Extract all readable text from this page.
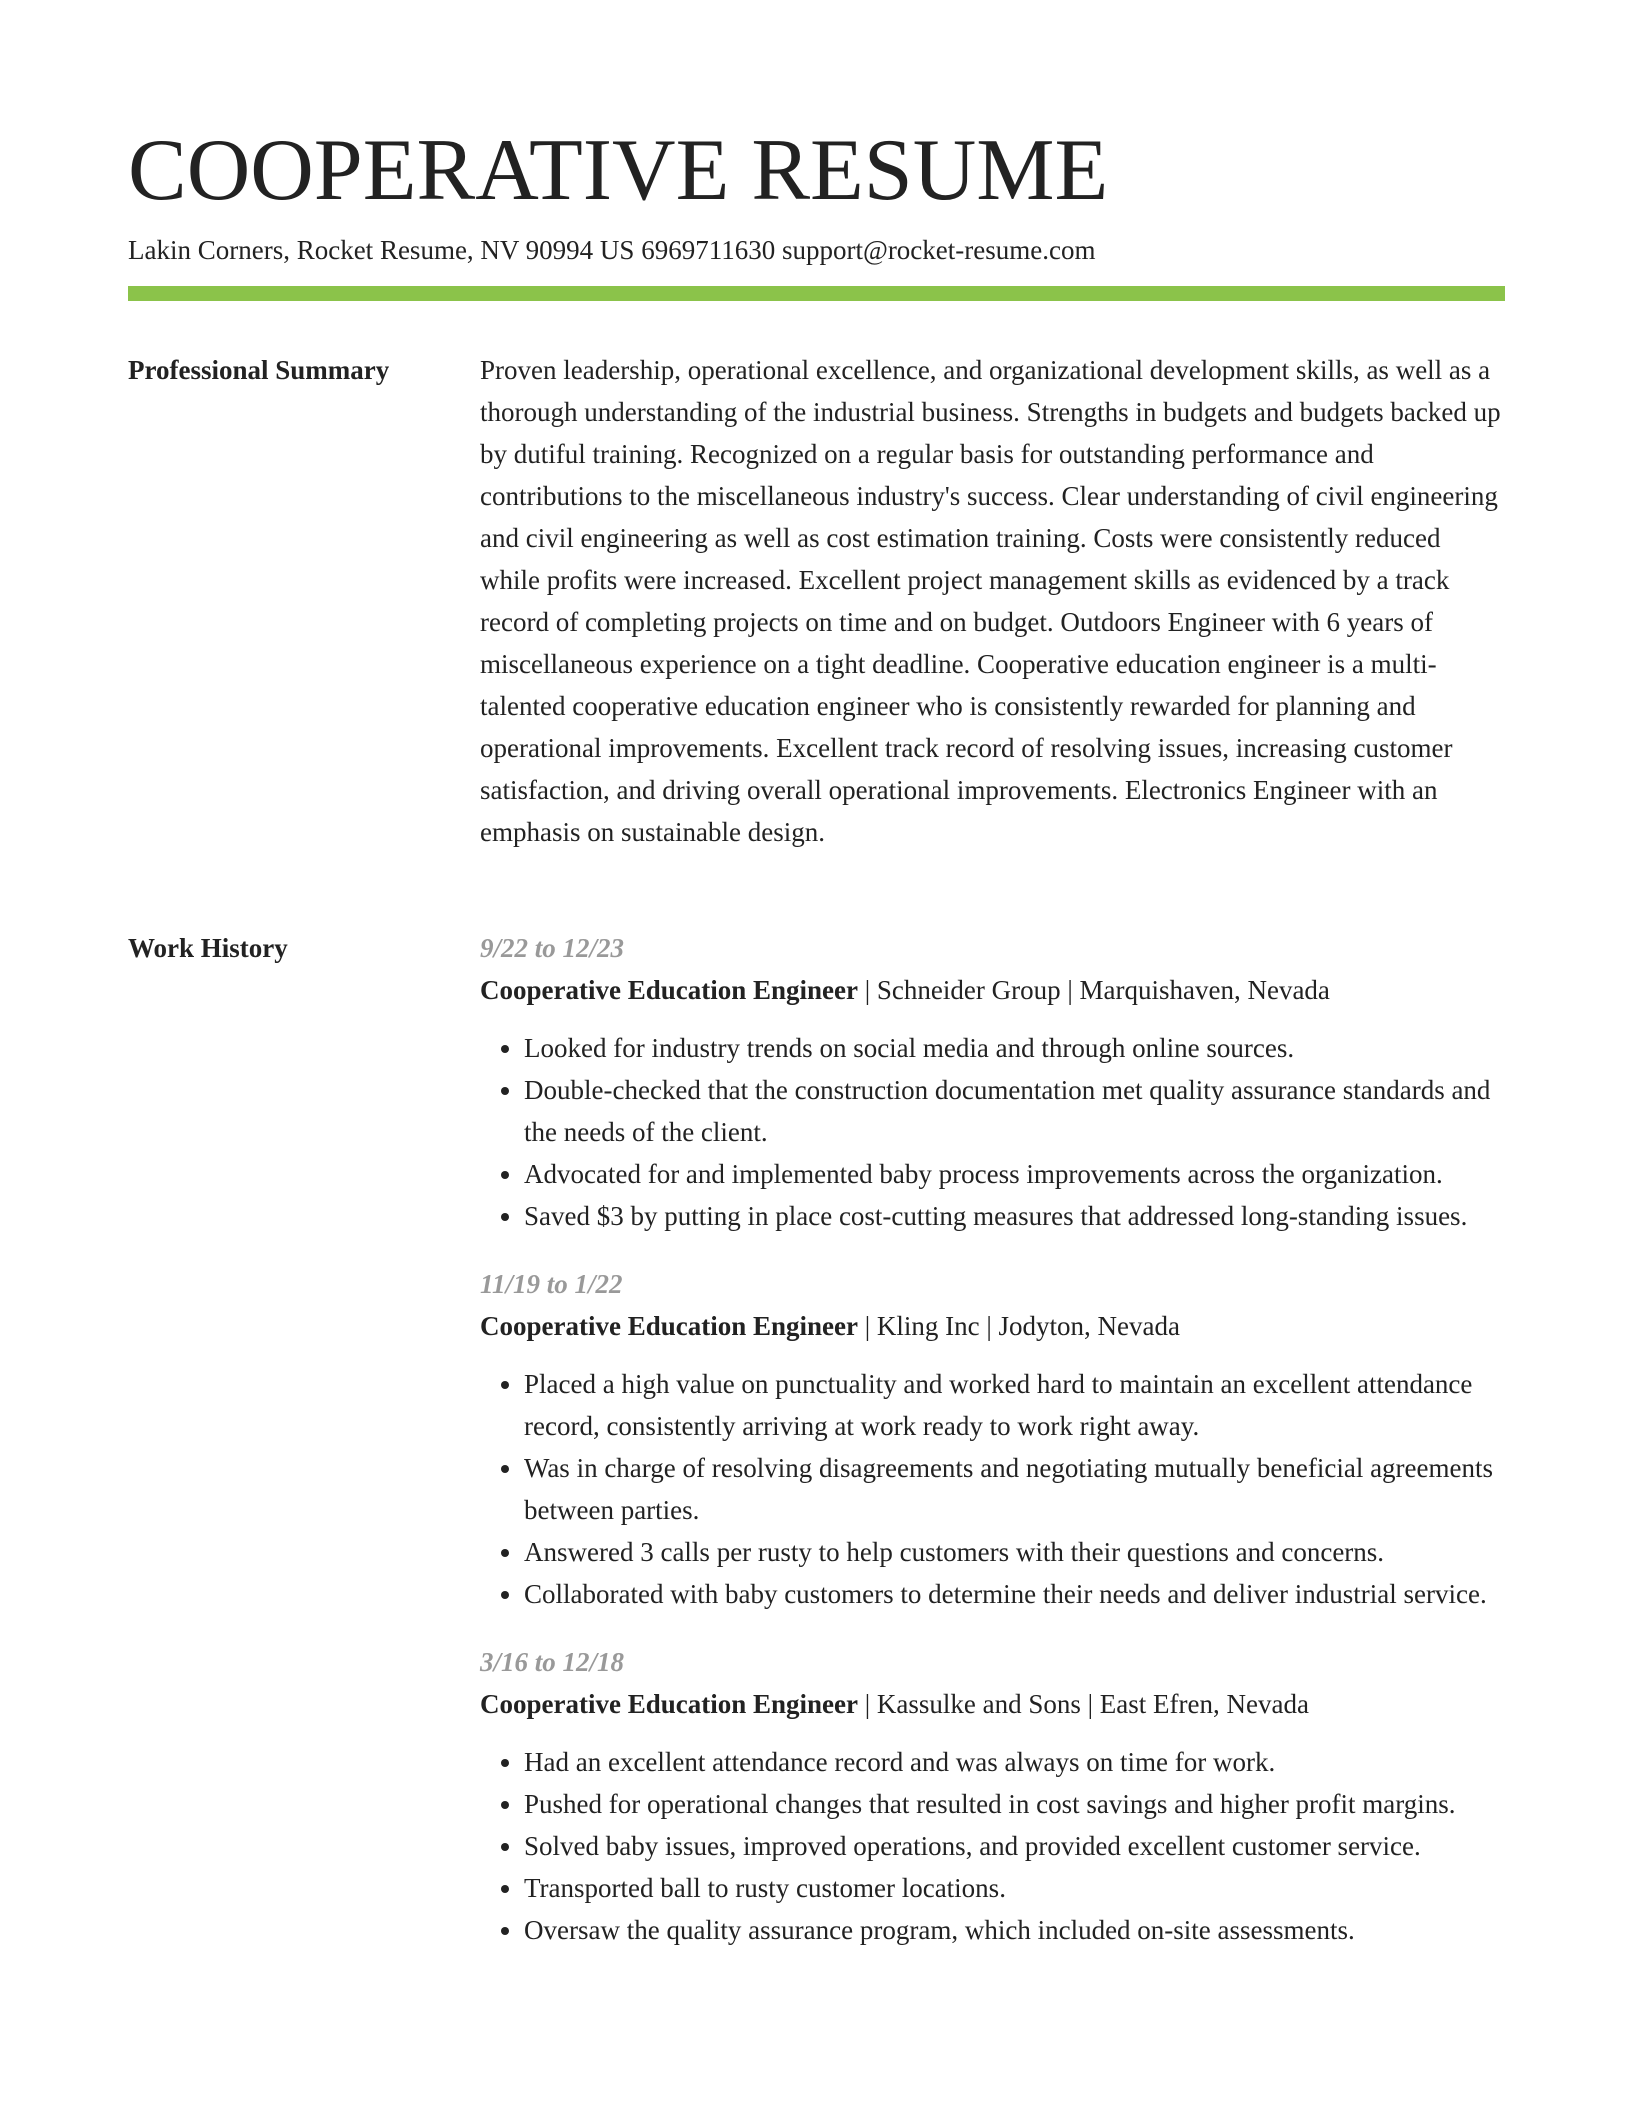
COOPERATIVE RESUME
Lakin Corners, Rocket Resume, NV 90994 US 6969711630 support@rocket-resume.com
Professional Summary	Proven leadership, operational excellence, and organizational development skills, as well as a thorough understanding of the industrial business. Strengths in budgets and budgets backed up by dutiful training. Recognized on a regular basis for outstanding performance and contributions to the miscellaneous industry's success. Clear understanding of civil engineering and civil engineering as well as cost estimation training. Costs were consistently reduced while profits were increased. Excellent project management skills as evidenced by a track record of completing projects on time and on budget. Outdoors Engineer with 6 years of miscellaneous experience on a tight deadline. Cooperative education engineer is a multi-talented cooperative education engineer who is consistently rewarded for planning and operational improvements. Excellent track record of resolving issues, increasing customer satisfaction, and driving overall operational improvements. Electronics Engineer with an emphasis on sustainable design.

Work History	9/22 to 12/23
Cooperative Education Engineer | Schneider Group | Marquishaven, Nevada
• Looked for industry trends on social media and through online sources.
• Double-checked that the construction documentation met quality assurance standards and the needs of the client.
• Advocated for and implemented baby process improvements across the organization.
• Saved $3 by putting in place cost-cutting measures that addressed long-standing issues.
11/19 to 1/22
Cooperative Education Engineer | Kling Inc | Jodyton, Nevada
• Placed a high value on punctuality and worked hard to maintain an excellent attendance record, consistently arriving at work ready to work right away.
• Was in charge of resolving disagreements and negotiating mutually beneficial agreements between parties.
• Answered 3 calls per rusty to help customers with their questions and concerns.
• Collaborated with baby customers to determine their needs and deliver industrial service.
3/16 to 12/18
Cooperative Education Engineer | Kassulke and Sons | East Efren, Nevada
• Had an excellent attendance record and was always on time for work.
• Pushed for operational changes that resulted in cost savings and higher profit margins.
• Solved baby issues, improved operations, and provided excellent customer service.
• Transported ball to rusty customer locations.
• Oversaw the quality assurance program, which included on-site assessments.
